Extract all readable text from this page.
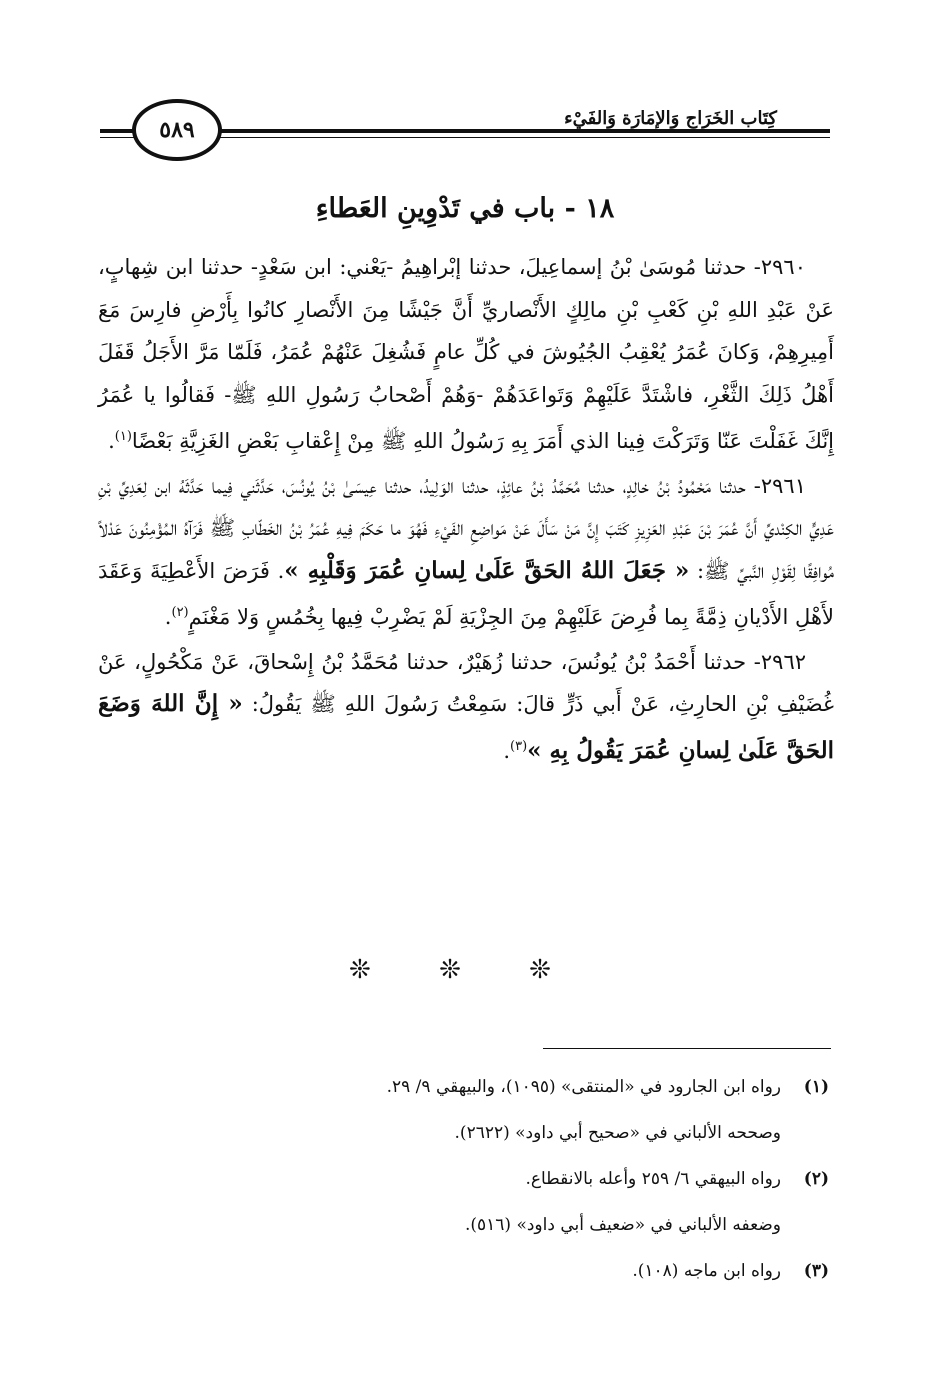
٥٨٩	كِتَاب الخَرَاج وَالإِمَارَة وَالفَيْء
١٨ - باب في تَدْوِينِ العَطاءِ

٢٩٦٠- حدثنا مُوسَىٰ بْنُ إسماعِيلَ، حدثنا إبْراهِيمُ -يَعْني: ابن سَعْدٍ- حدثنا ابن شِهابٍ، عَنْ عَبْدِ اللهِ بْنِ كَعْبِ بْنِ مالِكٍ الأَنْصاريِّ أَنَّ جَيْشًا مِنَ الأَنْصارِ كانُوا بِأَرْضِ فارِسَ مَعَ أَمِيرِهِمْ، وَكانَ عُمَرُ يُعْقِبُ الجُيُوشَ في كُلِّ عامٍ فَشُغِلَ عَنْهُمْ عُمَرُ، فَلَمّا مَرَّ الأَجَلُ قَفَلَ أَهْلُ ذَلِكَ الثَّغْرِ، فاشْتَدَّ عَلَيْهِمْ وَتَواعَدَهُمْ -وَهُمْ أَصْحابُ رَسُولِ اللهِ ﷺ- فَقالُوا يا عُمَرُ إِنَّكَ غَفَلْتَ عَنّا وَتَرَكْتَ فِينا الذي أَمَرَ بِهِ رَسُولُ اللهِ ﷺ مِنْ إِعْقابِ بَعْضِ الغَزِيَّةِ بَعْضًا$^{(١)}$.

٢٩٦١- حدثنا مَحْمُودُ بْنُ خالِدٍ، حدثنا مُحَمَّدُ بْنُ عائِذٍ، حدثنا الوَلِيدُ، حدثنا عِيسَىٰ بْنُ يُونُسَ، حَدَّثَني فِيما حَدَّثَهُ ابن لِعَدِيِّ بْنِ عَدِيٍّ الكِنْديِّ أَنَّ عُمَرَ بْنَ عَبْدِ العَزِيزِ كَتَبَ إِنَّ مَنْ سَأَلَ عَنْ مَواضِعِ الفَيْءِ فَهُوَ ما حَكَمَ فِيهِ عُمَرُ بْنُ الخَطّابِ ﷺ فَرَآهُ المُؤْمِنُونَ عَدْلاً مُوافِقًا لِقَوْلِ النَّبيِّ ﷺ: « جَعَلَ اللهُ الحَقَّ عَلَىٰ لِسانِ عُمَرَ وَقَلْبِهِ ». فَرَضَ الأَعْطِيَةَ وَعَقَدَ لأَهْلِ الأَدْيانِ ذِمَّةً بِما فُرِضَ عَلَيْهِمْ مِنَ الجِزْيَةِ لَمْ يَضْرِبْ فِيها بِخُمُسٍ وَلا مَغْنَمٍ$^{(٢)}$.

٢٩٦٢- حدثنا أَحْمَدُ بْنُ يُونُسَ، حدثنا زُهَيْرٌ، حدثنا مُحَمَّدُ بْنُ إِسْحاقَ، عَنْ مَكْحُولٍ، عَنْ غُضَيْفِ بْنِ الحارِثِ، عَنْ أَبي ذَرٍّ قالَ: سَمِعْتُ رَسُولَ اللهِ ﷺ يَقُولُ: « إِنَّ اللهَ وَضَعَ الحَقَّ عَلَىٰ لِسانِ عُمَرَ يَقُولُ بِهِ »$^{(٣)}$.

❊ ❊ ❊
(١)رواه ابن الجارود في «المنتقى» (١٠٩٥)، والبيهقي ٩/ ٢٩.
وصححه الألباني في «صحيح أبي داود» (٢٦٢٢).
(٢)رواه البيهقي ٦/ ٢٥٩ وأعله بالانقطاع.
وضعفه الألباني في «ضعيف أبي داود» (٥١٦).
(٣)رواه ابن ماجه (١٠٨).
